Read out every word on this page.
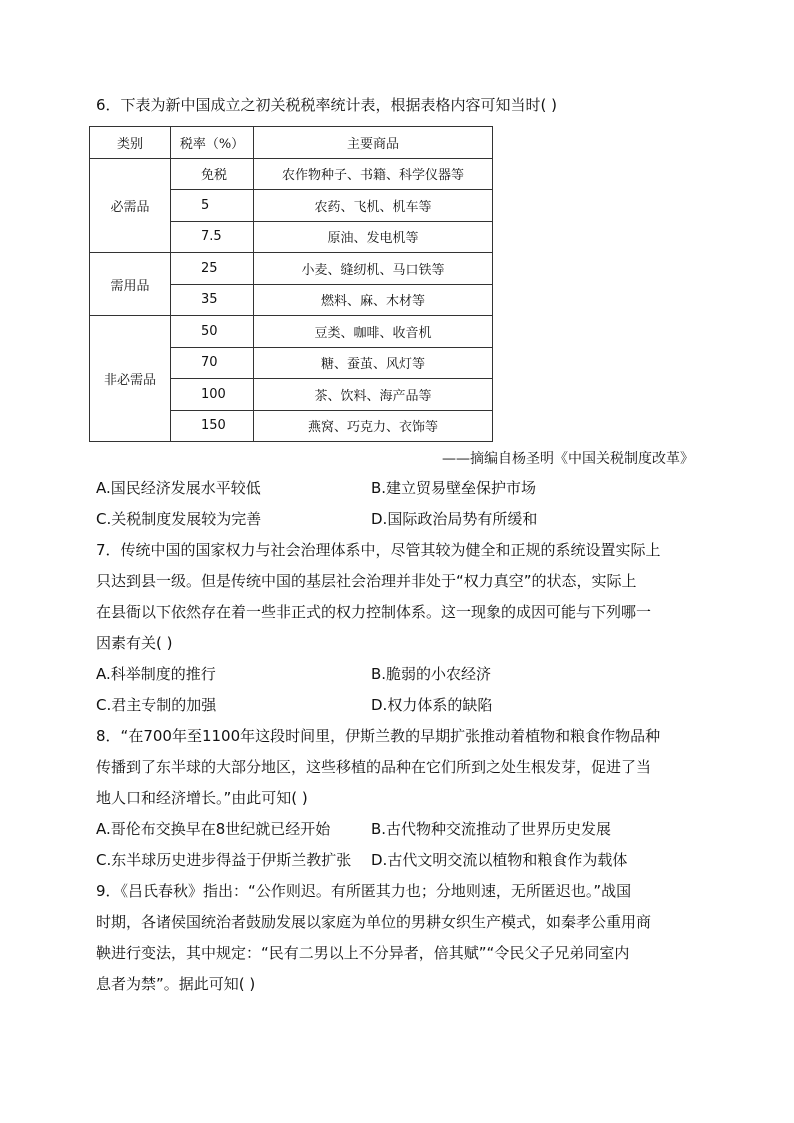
6．下表为新中国成立之初关税税率统计表，根据表格内容可知当时( )
类别	税率（%）	主要商品
必需品	免税	农作物种子、书籍、科学仪器等
	5	农药、飞机、机车等
	7.5	原油、发电机等
需用品	25	小麦、缝纫机、马口铁等
	35	燃料、麻、木材等
非必需品	50	豆类、咖啡、收音机
	70	糖、蚕茧、风灯等
	100	茶、饮料、海产品等
	150	燕窝、巧克力、衣饰等
——摘编自杨圣明《中国关税制度改革》
A.国民经济发展水平较低	B.建立贸易壁垒保护市场
C.关税制度发展较为完善	D.国际政治局势有所缓和
7．传统中国的国家权力与社会治理体系中，尽管其较为健全和正规的系统设置实际上
只达到县一级。但是传统中国的基层社会治理并非处于“权力真空”的状态，实际上
在县衙以下依然存在着一些非正式的权力控制体系。这一现象的成因可能与下列哪一
因素有关( )
A.科举制度的推行	B.脆弱的小农经济
C.君主专制的加强	D.权力体系的缺陷
8．“在700年至1100年这段时间里，伊斯兰教的早期扩张推动着植物和粮食作物品种
传播到了东半球的大部分地区，这些移植的品种在它们所到之处生根发芽，促进了当
地人口和经济增长。”由此可知( )
A.哥伦布交换早在8世纪就已经开始	B.古代物种交流推动了世界历史发展
C.东半球历史进步得益于伊斯兰教扩张 D.古代文明交流以植物和粮食作为载体
9．《吕氏春秋》指出：“公作则迟。有所匿其力也；分地则速，无所匿迟也。”战国
时期，各诸侯国统治者鼓励发展以家庭为单位的男耕女织生产模式，如秦孝公重用商
鞅进行变法，其中规定：“民有二男以上不分异者，倍其赋”“令民父子兄弟同室内
息者为禁”。据此可知( )
